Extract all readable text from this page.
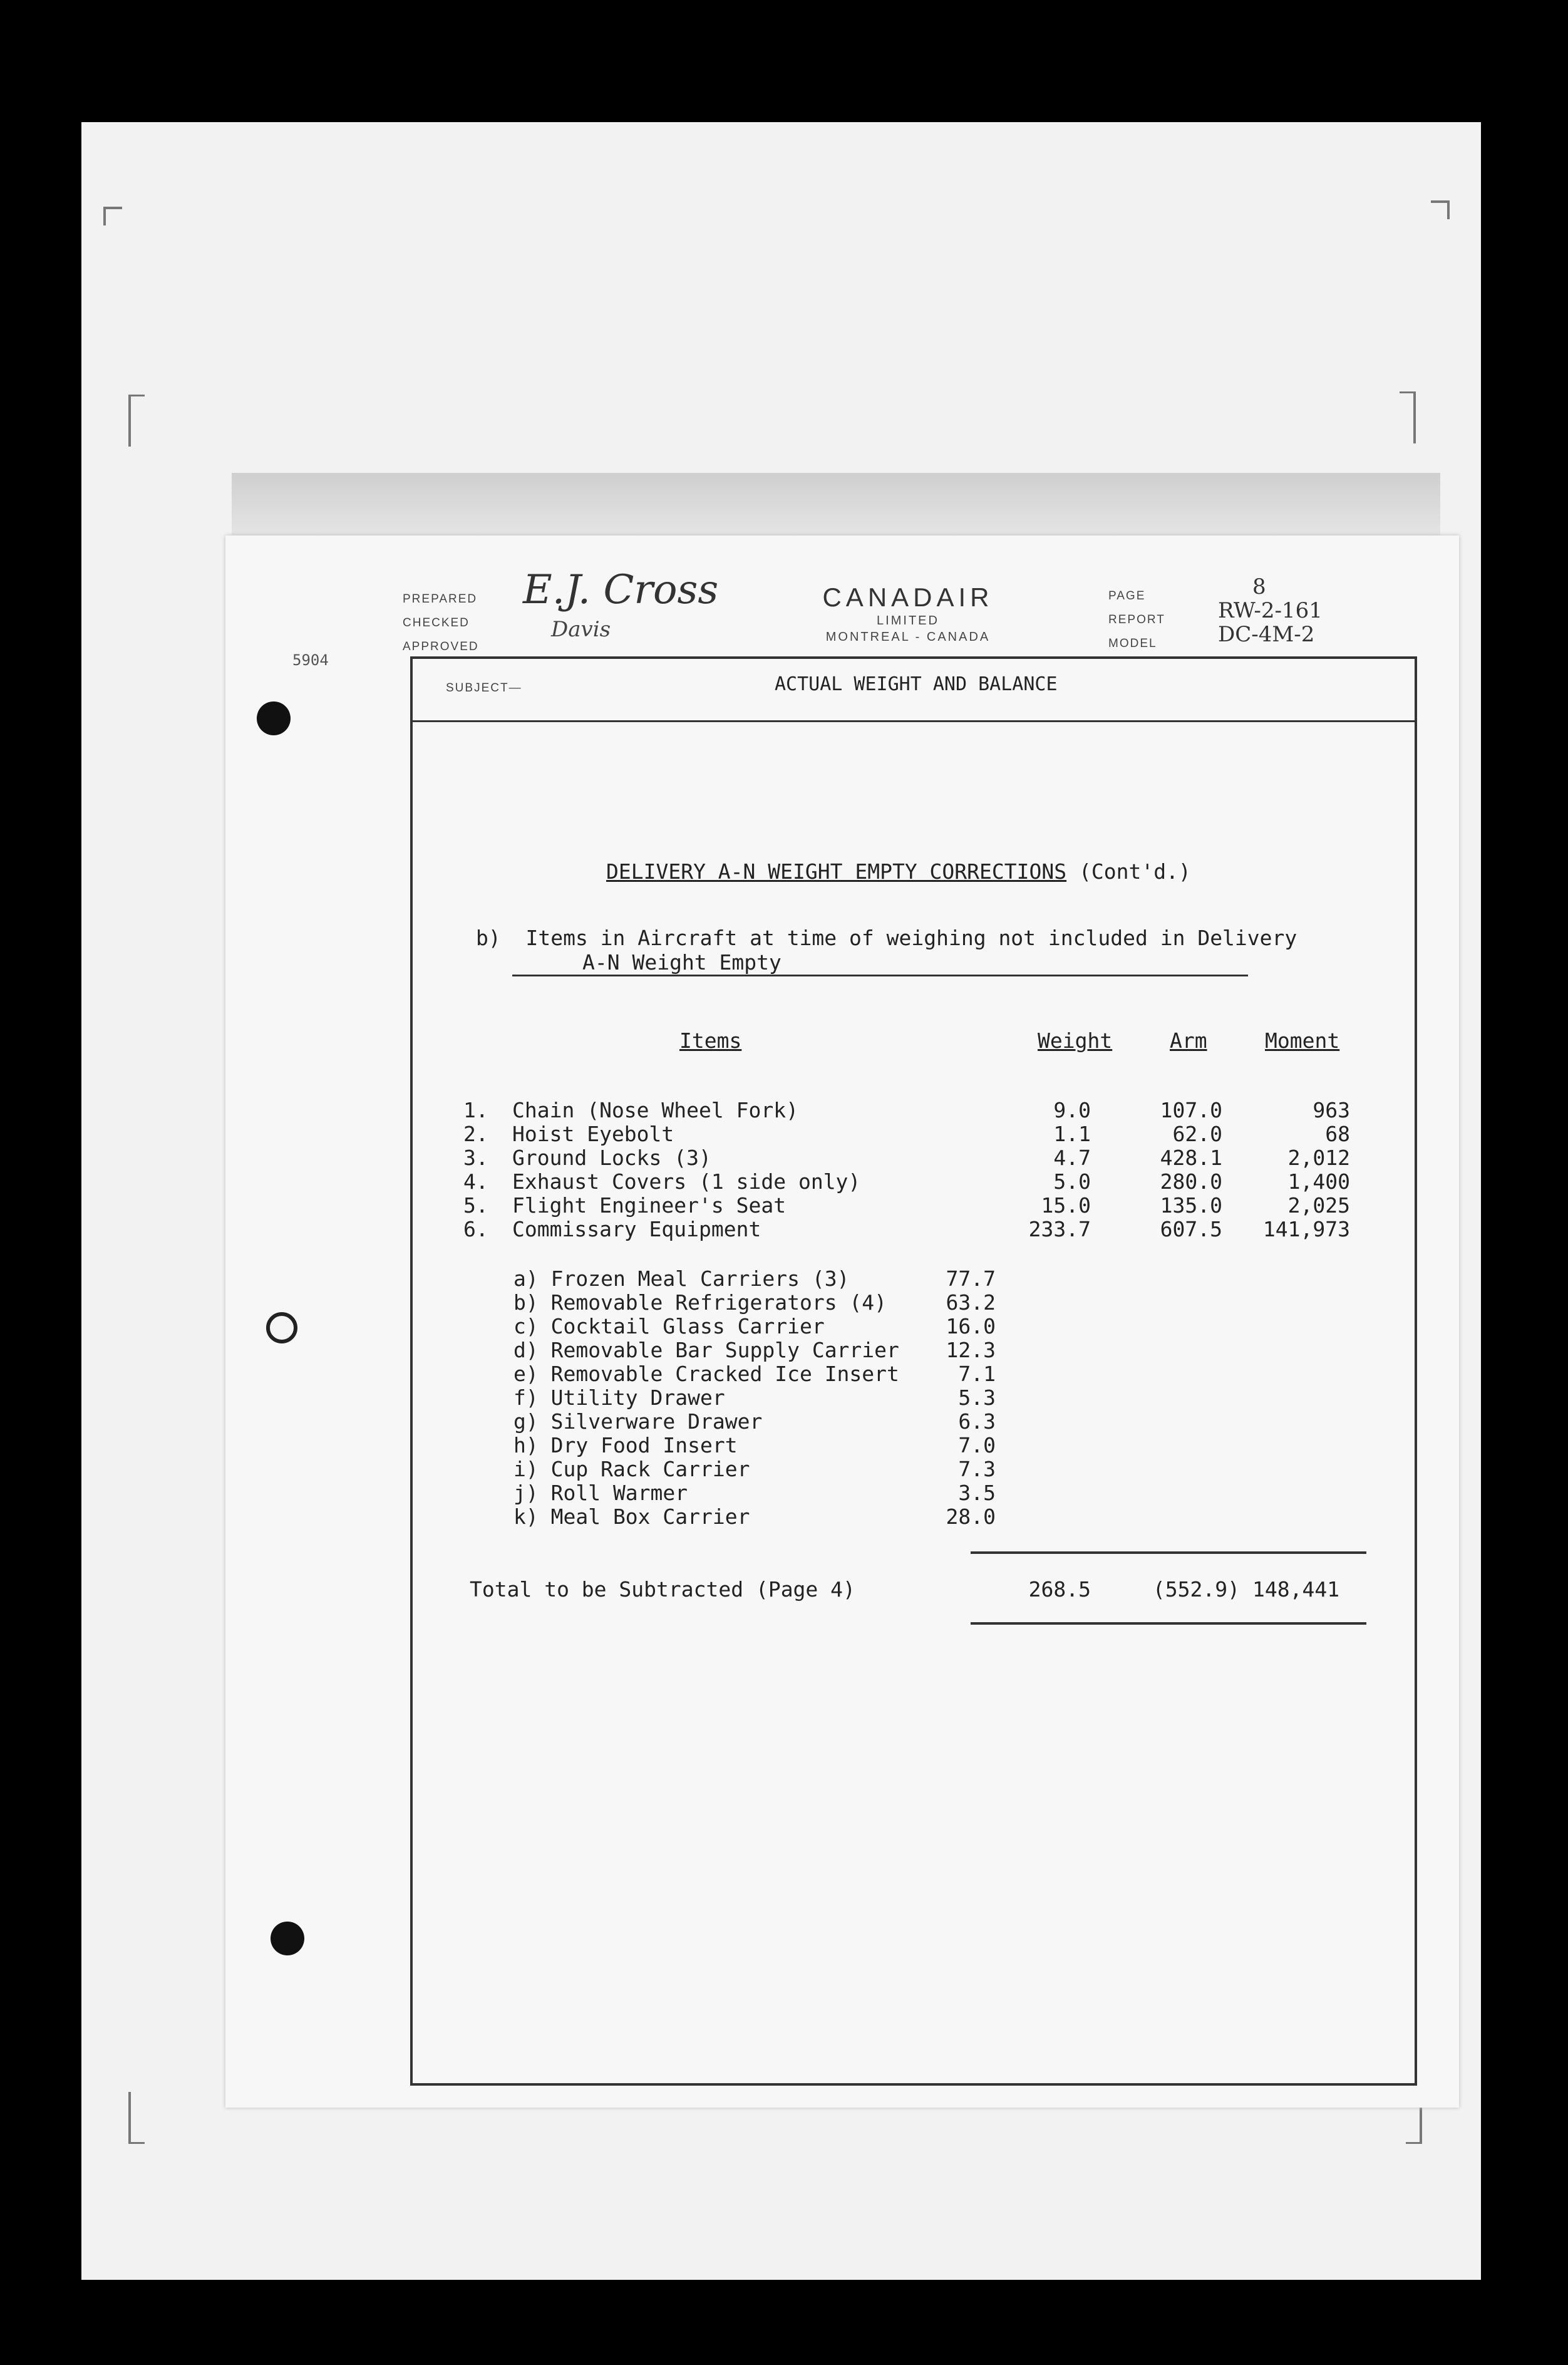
PREPARED
CHECKED
APPROVED
E.J. Cross
Davis
5904
CANADAIR
LIMITED
MONTREAL - CANADA
PAGE
REPORT
MODEL
8
RW-2-161
DC-4M-2
SUBJECT—	ACTUAL WEIGHT AND BALANCE
DELIVERY A-N WEIGHT EMPTY CORRECTIONS (Cont'd.)
b)  Items in Aircraft at time of weighing not included in Delivery
A-N Weight Empty
Items	Weight	Arm	Moment
1. Chain (Nose Wheel Fork)	9.0	107.0	963
2. Hoist Eyebolt	1.1	62.0	68
3. Ground Locks (3)	4.7	428.1	2,012
4. Exhaust Covers (1 side only)	5.0	280.0	1,400
5. Flight Engineer's Seat	15.0	135.0	2,025
6. Commissary Equipment	233.7	607.5	141,973
a) Frozen Meal Carriers (3)	77.7
b) Removable Refrigerators (4)	63.2
c) Cocktail Glass Carrier	16.0
d) Removable Bar Supply Carrier	12.3
e) Removable Cracked Ice Insert	7.1
f) Utility Drawer	5.3
g) Silverware Drawer	6.3
h) Dry Food Insert	7.0
i) Cup Rack Carrier	7.3
j) Roll Warmer	3.5
k) Meal Box Carrier	28.0
Total to be Subtracted (Page 4)	268.5	(552.9) 148,441
